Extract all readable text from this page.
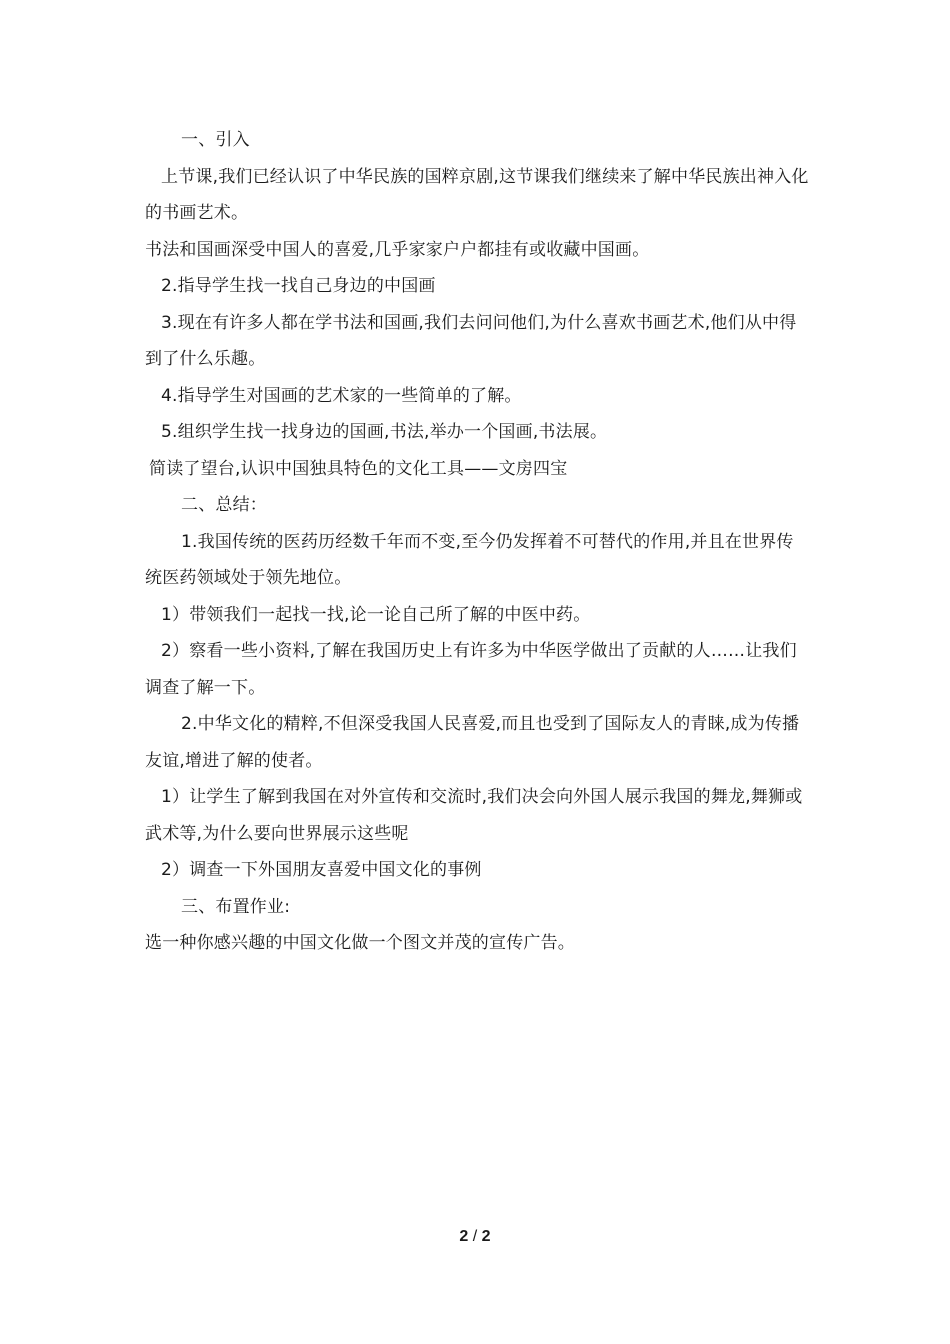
一、引入

上节课,我们已经认识了中华民族的国粹京剧,这节课我们继续来了解中华民族出神入化的书画艺术。

书法和国画深受中国人的喜爱,几乎家家户户都挂有或收藏中国画。

2.指导学生找一找自己身边的中国画

3.现在有许多人都在学书法和国画,我们去问问他们,为什么喜欢书画艺术,他们从中得到了什么乐趣。

4.指导学生对国画的艺术家的一些简单的了解。

5.组织学生找一找身边的国画,书法,举办一个国画,书法展。

简读了望台,认识中国独具特色的文化工具——文房四宝

二、总结：

1.我国传统的医药历经数千年而不变,至今仍发挥着不可替代的作用,并且在世界传统医药领域处于领先地位。

1）带领我们一起找一找,论一论自己所了解的中医中药。

2）察看一些小资料,了解在我国历史上有许多为中华医学做出了贡献的人……让我们调查了解一下。

2.中华文化的精粹,不但深受我国人民喜爱,而且也受到了国际友人的青睐,成为传播友谊,增进了解的使者。

1）让学生了解到我国在对外宣传和交流时,我们决会向外国人展示我国的舞龙,舞狮或武术等,为什么要向世界展示这些呢

2）调查一下外国朋友喜爱中国文化的事例

三、布置作业:

选一种你感兴趣的中国文化做一个图文并茂的宣传广告。

2 / 2
